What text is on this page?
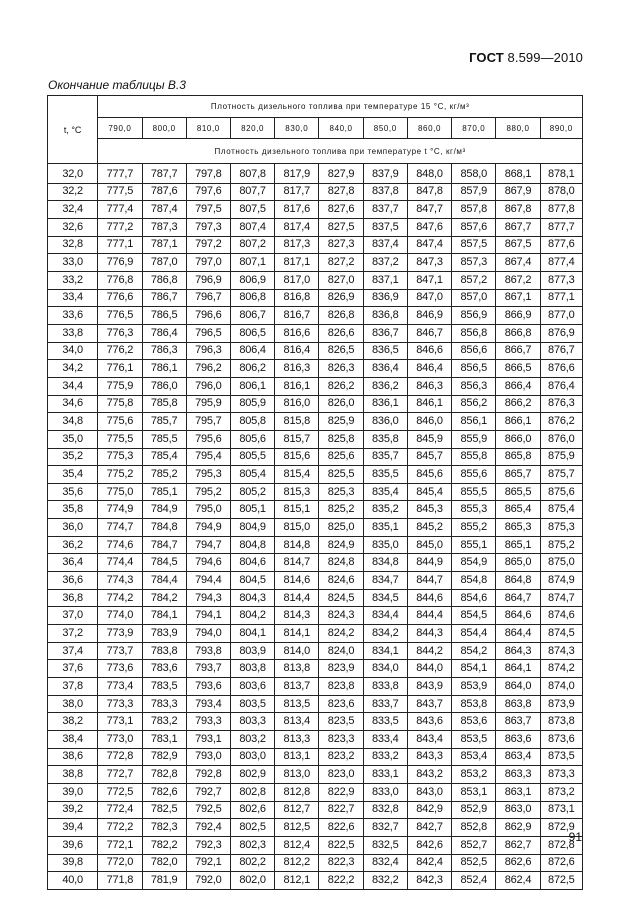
ГОСТ 8.599—2010
Окончание таблицы В.3
t, °C	Плотность дизельного топлива при температуре 15 °C, кг/м³										
	790,0	800,0	810,0	820,0	830,0	840,0	850,0	860,0	870,0	880,0	890,0
	Плотность дизельного топлива при температуре t °C, кг/м³										
32,0	777,7	787,7	797,8	807,8	817,9	827,9	837,9	848,0	858,0	868,1	878,1
32,2	777,5	787,6	797,6	807,7	817,7	827,8	837,8	847,8	857,9	867,9	878,0
32,4	777,4	787,4	797,5	807,5	817,6	827,6	837,7	847,7	857,8	867,8	877,8
32,6	777,2	787,3	797,3	807,4	817,4	827,5	837,5	847,6	857,6	867,7	877,7
32,8	777,1	787,1	797,2	807,2	817,3	827,3	837,4	847,4	857,5	867,5	877,6
33,0	776,9	787,0	797,0	807,1	817,1	827,2	837,2	847,3	857,3	867,4	877,4
33,2	776,8	786,8	796,9	806,9	817,0	827,0	837,1	847,1	857,2	867,2	877,3
33,4	776,6	786,7	796,7	806,8	816,8	826,9	836,9	847,0	857,0	867,1	877,1
33,6	776,5	786,5	796,6	806,7	816,7	826,8	836,8	846,9	856,9	866,9	877,0
33,8	776,3	786,4	796,5	806,5	816,6	826,6	836,7	846,7	856,8	866,8	876,9
34,0	776,2	786,3	796,3	806,4	816,4	826,5	836,5	846,6	856,6	866,7	876,7
34,2	776,1	786,1	796,2	806,2	816,3	826,3	836,4	846,4	856,5	866,5	876,6
34,4	775,9	786,0	796,0	806,1	816,1	826,2	836,2	846,3	856,3	866,4	876,4
34,6	775,8	785,8	795,9	805,9	816,0	826,0	836,1	846,1	856,2	866,2	876,3
34,8	775,6	785,7	795,7	805,8	815,8	825,9	836,0	846,0	856,1	866,1	876,2
35,0	775,5	785,5	795,6	805,6	815,7	825,8	835,8	845,9	855,9	866,0	876,0
35,2	775,3	785,4	795,4	805,5	815,6	825,6	835,7	845,7	855,8	865,8	875,9
35,4	775,2	785,2	795,3	805,4	815,4	825,5	835,5	845,6	855,6	865,7	875,7
35,6	775,0	785,1	795,2	805,2	815,3	825,3	835,4	845,4	855,5	865,5	875,6
35,8	774,9	784,9	795,0	805,1	815,1	825,2	835,2	845,3	855,3	865,4	875,4
36,0	774,7	784,8	794,9	804,9	815,0	825,0	835,1	845,2	855,2	865,3	875,3
36,2	774,6	784,7	794,7	804,8	814,8	824,9	835,0	845,0	855,1	865,1	875,2
36,4	774,4	784,5	794,6	804,6	814,7	824,8	834,8	844,9	854,9	865,0	875,0
36,6	774,3	784,4	794,4	804,5	814,6	824,6	834,7	844,7	854,8	864,8	874,9
36,8	774,2	784,2	794,3	804,3	814,4	824,5	834,5	844,6	854,6	864,7	874,7
37,0	774,0	784,1	794,1	804,2	814,3	824,3	834,4	844,4	854,5	864,6	874,6
37,2	773,9	783,9	794,0	804,1	814,1	824,2	834,2	844,3	854,4	864,4	874,5
37,4	773,7	783,8	793,8	803,9	814,0	824,0	834,1	844,2	854,2	864,3	874,3
37,6	773,6	783,6	793,7	803,8	813,8	823,9	834,0	844,0	854,1	864,1	874,2
37,8	773,4	783,5	793,6	803,6	813,7	823,8	833,8	843,9	853,9	864,0	874,0
38,0	773,3	783,3	793,4	803,5	813,5	823,6	833,7	843,7	853,8	863,8	873,9
38,2	773,1	783,2	793,3	803,3	813,4	823,5	833,5	843,6	853,6	863,7	873,8
38,4	773,0	783,1	793,1	803,2	813,3	823,3	833,4	843,4	853,5	863,6	873,6
38,6	772,8	782,9	793,0	803,0	813,1	823,2	833,2	843,3	853,4	863,4	873,5
38,8	772,7	782,8	792,8	802,9	813,0	823,0	833,1	843,2	853,2	863,3	873,3
39,0	772,5	782,6	792,7	802,8	812,8	822,9	833,0	843,0	853,1	863,1	873,2
39,2	772,4	782,5	792,5	802,6	812,7	822,7	832,8	842,9	852,9	863,0	873,1
39,4	772,2	782,3	792,4	802,5	812,5	822,6	832,7	842,7	852,8	862,9	872,9
39,6	772,1	782,2	792,3	802,3	812,4	822,5	832,5	842,6	852,7	862,7	872,8
39,8	772,0	782,0	792,1	802,2	812,2	822,3	832,4	842,4	852,5	862,6	872,6
40,0	771,8	781,9	792,0	802,0	812,1	822,2	832,2	842,3	852,4	862,4	872,5
91
